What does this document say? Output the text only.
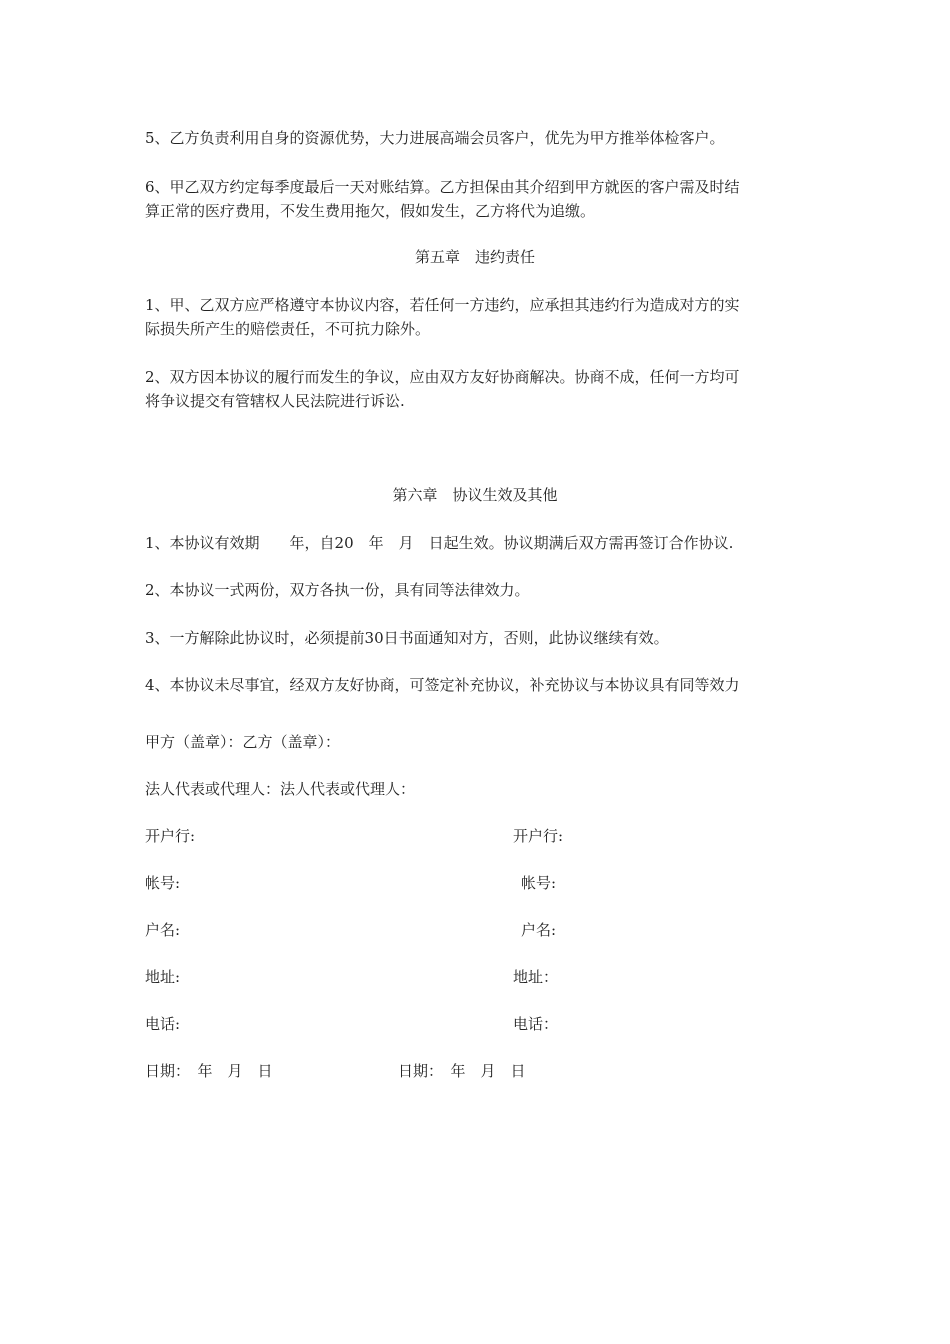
5、乙方负责利用自身的资源优势，大力进展高端会员客户，优先为甲方推举体检客户。
6、甲乙双方约定每季度最后一天对账结算。乙方担保由其介绍到甲方就医的客户需及时结
算正常的医疗费用，不发生费用拖欠，假如发生，乙方将代为追缴。
第五章　违约责任
1、甲、乙双方应严格遵守本协议内容，若任何一方违约，应承担其违约行为造成对方的实
际损失所产生的赔偿责任，不可抗力除外。
2、双方因本协议的履行而发生的争议，应由双方友好协商解决。协商不成，任何一方均可
将争议提交有管辖权人民法院进行诉讼.
第六章　协议生效及其他
1、本协议有效期　　年，自20　年　月　日起生效。协议期满后双方需再签订合作协议.
2、本协议一式两份，双方各执一份，具有同等法律效力。
3、一方解除此协议时，必须提前30日书面通知对方，否则，此协议继续有效。
4、本协议未尽事宜，经双方友好协商，可签定补充协议，补充协议与本协议具有同等效力
甲方（盖章）：乙方（盖章）：
法人代表或代理人：法人代表或代理人：
开户行:	开户行:
帐号:	帐号:
户名:	户名:
地址:	地址：
电话:	电话：
日期：　年　月　日	日期：　年　月　日
